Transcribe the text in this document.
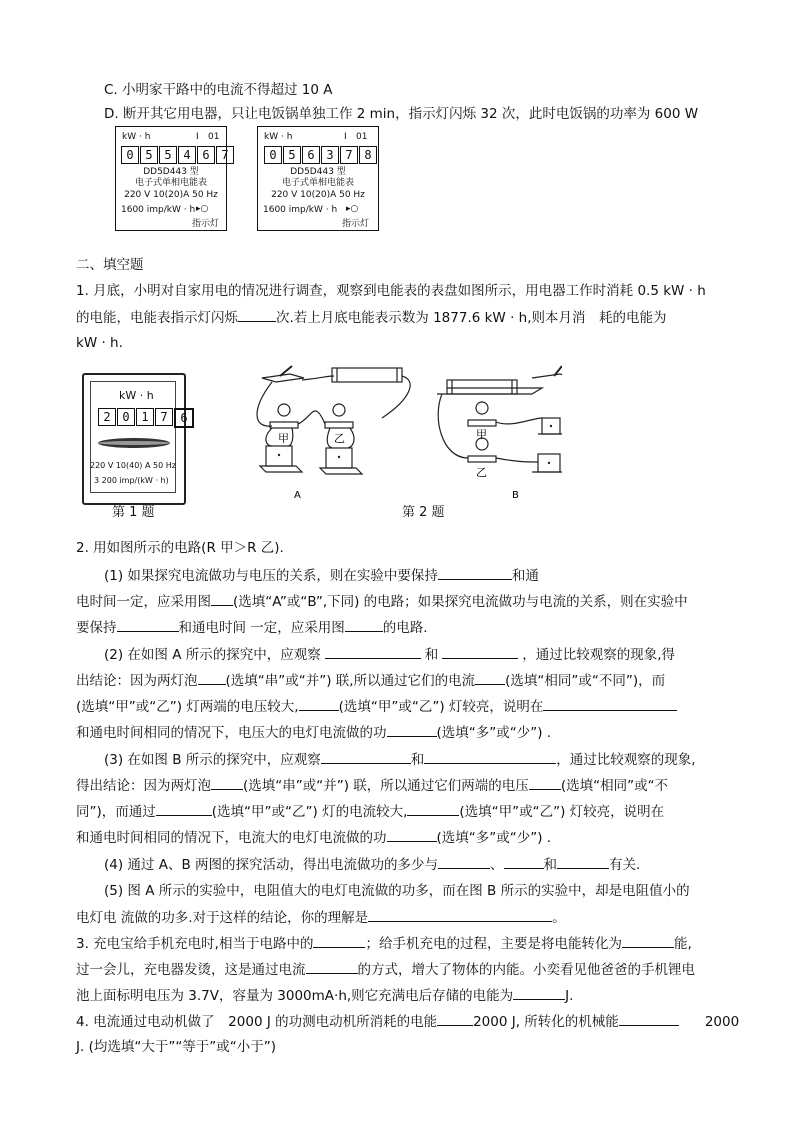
C. 小明家干路中的电流不得超过 10 A
D. 断开其它用电器，只让电饭锅单独工作 2 min，指示灯闪烁 32 次，此时电饭锅的功率为 600 W
kW · h	I 01
0 5 5 4 6 7
DD5D443 型
电子式单相电能表
220 V 10(20)A 50 Hz
1600 imp/kW · h ▸○
指示灯
kW · h	I 01
0 5 6 3 7 8
DD5D443 型
电子式单相电能表
220 V 10(20)A 50 Hz
1600 imp/kW · h ▸○
指示灯
二、填空题
1. 月底，小明对自家用电的情况进行调查，观察到电能表的表盘如图所示，用电器工作时消耗 0.5 kW · h
的电能，电能表指示灯闪烁	次.若上月底电能表示数为 1877.6 kW · h,则本月消　耗的电能为
kW · h.
kW · h
2 0 1 7	6
220 V 10(40) A 50 Hz
3 200 imp/(kW · h)
第 1 题
甲	乙	甲
乙
A	B
第 2 题
2. 用如图所示的电路(R 甲＞R 乙).
(1) 如果探究电流做功与电压的关系，则在实验中要保持	和通
电时间一定，应采用图 (选填“A”或“B”,下同) 的电路；如果探究电流做功与电流的关系，则在实验中
要保持	和通电时间 一定，应采用图	的电路.
(2) 在如图 A 所示的探究中，应观察	和	，通过比较观察的现象,得
出结论：因为两灯泡 (选填“串”或“并”) 联,所以通过它们的电流 (选填“相同”或“不同”)，而
(选填“甲”或“乙”) 灯两端的电压较大,	(选填“甲”或“乙”) 灯较亮，说明在
和通电时间相同的情况下，电压大的电灯电流做的功	(选填“多”或“少”) .
(3) 在如图 B 所示的探究中，应观察	和	，通过比较观察的现象,
得出结论：因为两灯泡 (选填“串”或“并”) 联，所以通过它们两端的电压 (选填“相同”或“不
同”)，而通过	(选填“甲”或“乙”) 灯的电流较大,	(选填“甲”或“乙”) 灯较亮，说明在
和通电时间相同的情况下，电流大的电灯电流做的功	(选填“多”或“少”) .
(4) 通过 A、B 两图的探究活动，得出电流做功的多少与	、	和	有关.
(5) 图 A 所示的实验中，电阻值大的电灯电流做的功多，而在图 B 所示的实验中，却是电阻值小的
电灯电 流做的功多.对于这样的结论，你的理解是	。
3. 充电宝给手机充电时,相当于电路中的	；给手机充电的过程，主要是将电能转化为	能,
过一会儿，充电器发烫，这是通过电流	的方式，增大了物体的内能。小奕看见他爸爸的手机锂电
池上面标明电压为 3.7V，容量为 3000mA·h,则它充满电后存储的电能为	J.
4. 电流通过电动机做了　2000 J 的功测电动机所消耗的电能	2000 J, 所转化的机械能	2000
J. (均选填“大于”“等于”或“小于”)
